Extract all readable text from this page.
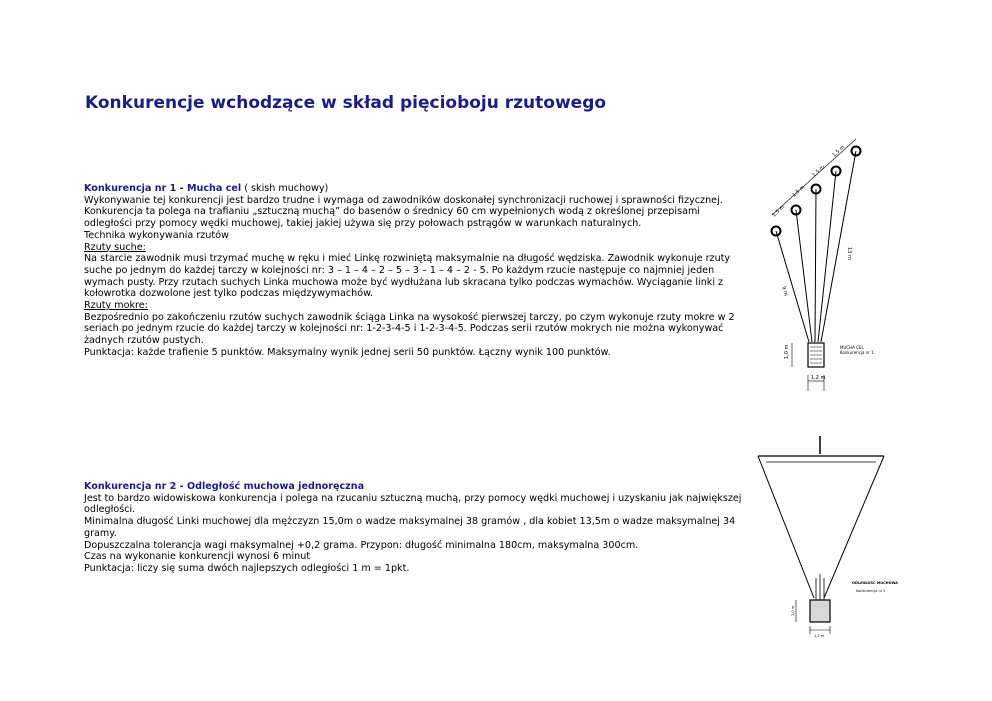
Konkurencje wchodzące w skład pięcioboju rzutowego
Konkurencja nr 1 - Mucha cel ( skish muchowy)
Wykonywanie tej konkurencji jest bardzo trudne i wymaga od zawodników doskonałej synchronizacji ruchowej i sprawności fizycznej.
Konkurencja ta polega na trafianiu „sztuczną muchą” do basenów o średnicy 60 cm wypełnionych wodą z określonej przepisami odległości przy pomocy wędki muchowej, takiej jakiej używa się przy połowach pstrągów w warunkach naturalnych.
Technika wykonywania rzutów
Rzuty suche:
Na starcie zawodnik musi trzymać muchę w ręku i mieć Linkę rozwiniętą maksymalnie na długość wędziska. Zawodnik wykonuje rzuty suche po jednym do każdej tarczy w kolejności nr: 3 – 1 – 4 – 2 – 5 – 3 – 1 – 4 – 2 - 5. Po każdym rzucie następuje co najmniej jeden wymach pusty. Przy rzutach suchych Linka muchowa może być wydłużana lub skracana tylko podczas wymachów. Wyciąganie linki z kołowrotka dozwolone jest tylko podczas międzywymachów.
Rzuty mokre:
Bezpośrednio po zakończeniu rzutów suchych zawodnik ściąga Linka na wysokość pierwszej tarczy, po czym wykonuje rzuty mokre w 2 seriach po jednym rzucie do każdej tarczy w kolejności nr: 1-2-3-4-5 i 1-2-3-4-5. Podczas serii rzutów mokrych nie można wykonywać żadnych rzutów pustych.
Punktacja: każde trafienie 5 punktów. Maksymalny wynik jednej serii 50 punktów. Łączny wynik 100 punktów.
Konkurencja nr 2 - Odległość muchowa jednoręczna
Jest to bardzo widowiskowa konkurencja i polega na rzucaniu sztuczną muchą, przy pomocy wędki muchowej i uzyskaniu jak największej odległości.
Minimalna długość Linki muchowej dla mężczyzn 15,0m o wadze maksymalnej 38 gramów , dla kobiet 13,5m o wadze maksymalnej 34 gramy.
Dopuszczalna tolerancja wagi maksymalnej +0,2 grama. Przypon: długość minimalna 180cm, maksymalna 300cm.
Czas na wykonanie konkurencji wynosi 6 minut
Punktacja: liczy się suma dwóch najlepszych odległości 1 m = 1pkt.
1,5 m
1,5 m
1,5 m
1,5 m
9 m
13 m
1,0 m
1,2 m
MUCHA CEL
Konkurencja nr 1
ODLEGŁOŚĆ MUCHOWA
Konkurencja nr 2
1,0 m
1,2 m
